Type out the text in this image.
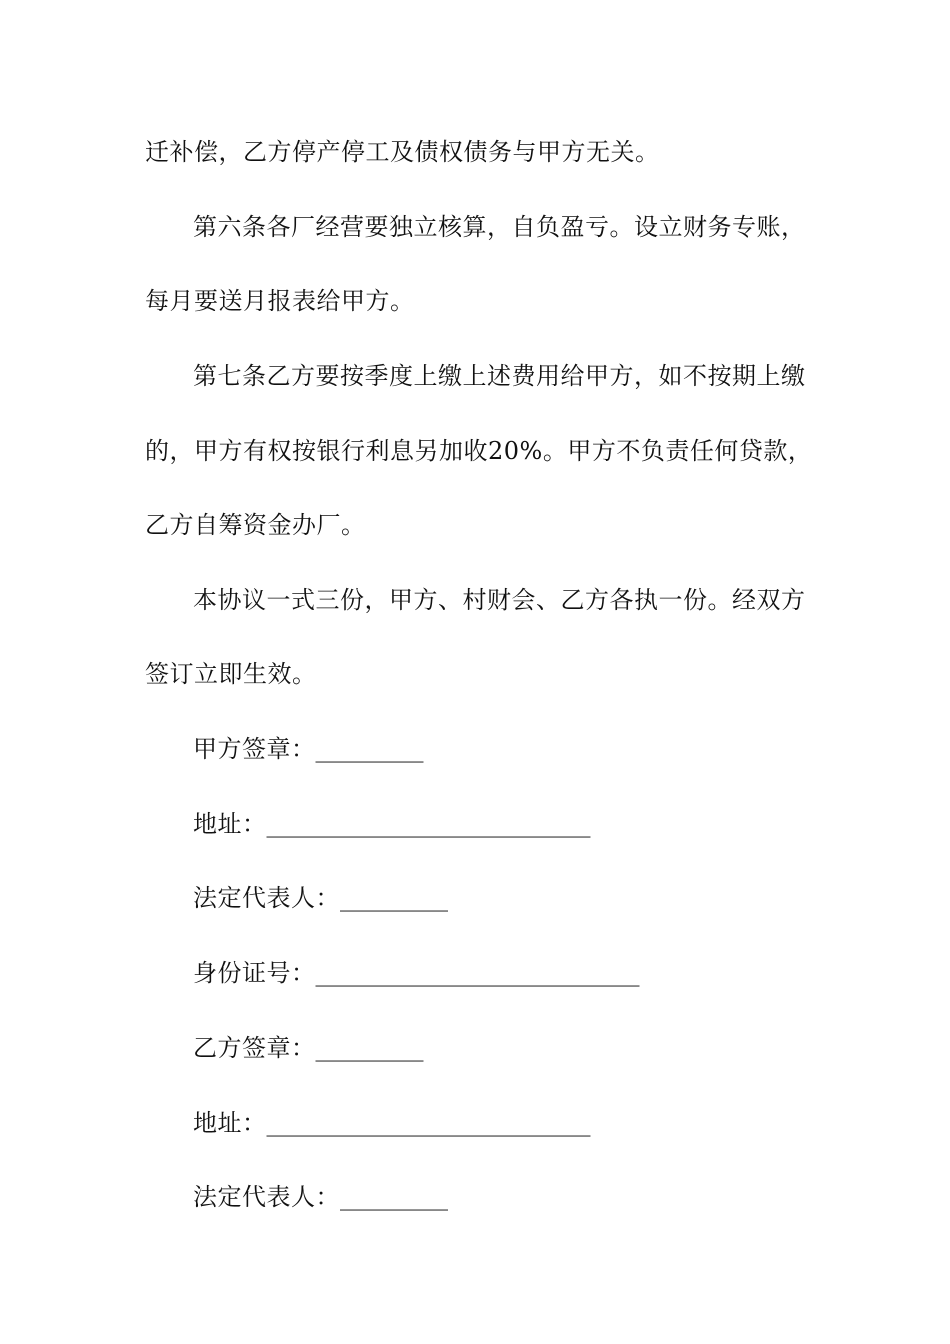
迁补偿，乙方停产停工及债权债务与甲方无关。
第六条各厂经营要独立核算，自负盈亏。设立财务专账，
每月要送月报表给甲方。
第七条乙方要按季度上缴上述费用给甲方，如不按期上缴
的，甲方有权按银行利息另加收20%。甲方不负责任何贷款，
乙方自筹资金办厂。
本协议一式三份，甲方、村财会、乙方各执一份。经双方
签订立即生效。
甲方签章：_________
地址：___________________________
法定代表人：_________
身份证号：___________________________
乙方签章：_________
地址：___________________________
法定代表人：_________
